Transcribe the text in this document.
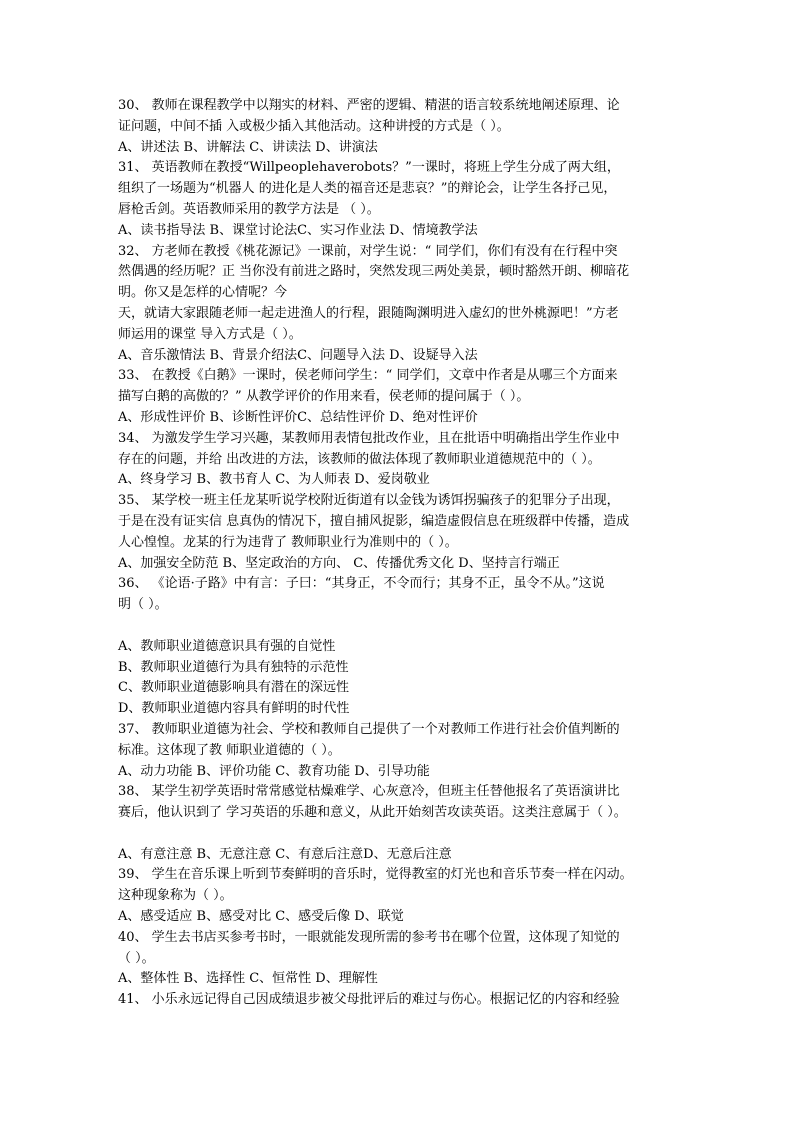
30、 教师在课程教学中以翔实的材料、严密的逻辑、精湛的语言较系统地阐述原理、论
证问题，中间不插 入或极少插入其他活动。这种讲授的方式是（ ）。
A、讲述法 B、讲解法 C、讲读法 D、讲演法
31、 英语教师在教授“Willpeoplehaverobots？”一课时，将班上学生分成了两大组，
组织了一场题为“机器人 的进化是人类的福音还是悲哀？”的辩论会，让学生各抒己见，
唇枪舌剑。英语教师采用的教学方法是 （ ）。
A、读书指导法 B、课堂讨论法C、实习作业法 D、情境教学法
32、 方老师在教授《桃花源记》一课前，对学生说：“ 同学们，你们有没有在行程中突
然偶遇的经历呢？正 当你没有前进之路时，突然发现三两处美景，顿时豁然开朗、柳暗花
明。你又是怎样的心情呢？今
天，就请大家跟随老师一起走进渔人的行程，跟随陶渊明进入虚幻的世外桃源吧！”方老
师运用的课堂 导入方式是（ ）。
A、音乐激情法 B、背景介绍法C、问题导入法 D、设疑导入法
33、 在教授《白鹅》一课时，侯老师问学生：“ 同学们，文章中作者是从哪三个方面来
描写白鹅的高傲的？” 从教学评价的作用来看，侯老师的提问属于（ ）。
A、形成性评价 B、诊断性评价C、总结性评价 D、绝对性评价
34、 为激发学生学习兴趣，某教师用表情包批改作业，且在批语中明确指出学生作业中
存在的问题，并给 出改进的方法，该教师的做法体现了教师职业道德规范中的（ ）。
A、终身学习 B、教书育人 C、为人师表 D、爱岗敬业
35、 某学校一班主任龙某听说学校附近街道有以金钱为诱饵拐骗孩子的犯罪分子出现，
于是在没有证实信 息真伪的情况下，擅自捕风捉影，编造虚假信息在班级群中传播，造成
人心惶惶。龙某的行为违背了 教师职业行为准则中的（ ）。
A、加强安全防范 B、坚定政治的方向、 C、传播优秀文化 D、坚持言行端正
36、 《论语·子路》中有言：子曰：“其身正，不令而行；其身不正，虽令不从。”这说
明（ ）。
A、教师职业道德意识具有强的自觉性
B、教师职业道德行为具有独特的示范性
C、教师职业道德影响具有潜在的深远性
D、教师职业道德内容具有鲜明的时代性
37、 教师职业道德为社会、学校和教师自己提供了一个对教师工作进行社会价值判断的
标准。这体现了教 师职业道德的（ ）。
A、动力功能 B、评价功能 C、教育功能 D、引导功能
38、 某学生初学英语时常常感觉枯燥难学、心灰意冷，但班主任替他报名了英语演讲比
赛后，他认识到了 学习英语的乐趣和意义，从此开始刻苦攻读英语。这类注意属于（ ）。
A、有意注意 B、无意注意 C、有意后注意D、无意后注意
39、 学生在音乐课上听到节奏鲜明的音乐时，觉得教室的灯光也和音乐节奏一样在闪动。
这种现象称为（ ）。
A、感受适应 B、感受对比 C、感受后像 D、联觉
40、 学生去书店买参考书时，一眼就能发现所需的参考书在哪个位置，这体现了知觉的
（ ）。
A、整体性 B、选择性 C、恒常性 D、理解性
41、 小乐永远记得自己因成绩退步被父母批评后的难过与伤心。根据记忆的内容和经验
